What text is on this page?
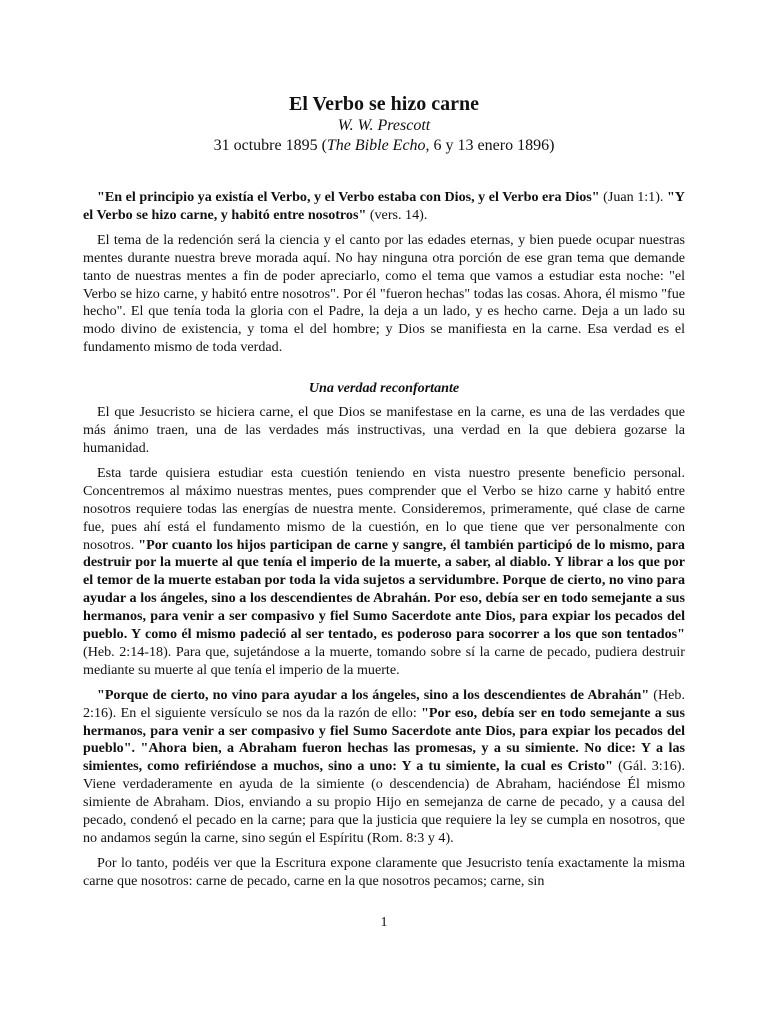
El Verbo se hizo carne

W. W. Prescott

31 octubre 1895 (The Bible Echo, 6 y 13 enero 1896)

"En el principio ya existía el Verbo, y el Verbo estaba con Dios, y el Verbo era Dios" (Juan 1:1). "Y el Verbo se hizo carne, y habitó entre nosotros" (vers. 14).

El tema de la redención será la ciencia y el canto por las edades eternas, y bien puede ocupar nuestras mentes durante nuestra breve morada aquí. No hay ninguna otra porción de ese gran tema que demande tanto de nuestras mentes a fin de poder apreciarlo, como el tema que vamos a estudiar esta noche: "el Verbo se hizo carne, y habitó entre nosotros". Por él "fueron hechas" todas las cosas. Ahora, él mismo "fue hecho". El que tenía toda la gloria con el Padre, la deja a un lado, y es hecho carne. Deja a un lado su modo divino de existencia, y toma el del hombre; y Dios se manifiesta en la carne. Esa verdad es el fundamento mismo de toda verdad.

Una verdad reconfortante

El que Jesucristo se hiciera carne, el que Dios se manifestase en la carne, es una de las verdades que más ánimo traen, una de las verdades más instructivas, una verdad en la que debiera gozarse la humanidad.

Esta tarde quisiera estudiar esta cuestión teniendo en vista nuestro presente beneficio personal. Concentremos al máximo nuestras mentes, pues comprender que el Verbo se hizo carne y habitó entre nosotros requiere todas las energías de nuestra mente. Consideremos, primeramente, qué clase de carne fue, pues ahí está el fundamento mismo de la cuestión, en lo que tiene que ver personalmente con nosotros. "Por cuanto los hijos participan de carne y sangre, él también participó de lo mismo, para destruir por la muerte al que tenía el imperio de la muerte, a saber, al diablo. Y librar a los que por el temor de la muerte estaban por toda la vida sujetos a servidumbre. Porque de cierto, no vino para ayudar a los ángeles, sino a los descendientes de Abrahán. Por eso, debía ser en todo semejante a sus hermanos, para venir a ser compasivo y fiel Sumo Sacerdote ante Dios, para expiar los pecados del pueblo. Y como él mismo padeció al ser tentado, es poderoso para socorrer a los que son tentados" (Heb. 2:14-18). Para que, sujetándose a la muerte, tomando sobre sí la carne de pecado, pudiera destruir mediante su muerte al que tenía el imperio de la muerte.

"Porque de cierto, no vino para ayudar a los ángeles, sino a los descendientes de Abrahán" (Heb. 2:16). En el siguiente versículo se nos da la razón de ello: "Por eso, debía ser en todo semejante a sus hermanos, para venir a ser compasivo y fiel Sumo Sacerdote ante Dios, para expiar los pecados del pueblo". "Ahora bien, a Abraham fueron hechas las promesas, y a su simiente. No dice: Y a las simientes, como refiriéndose a muchos, sino a uno: Y a tu simiente, la cual es Cristo" (Gál. 3:16). Viene verdaderamente en ayuda de la simiente (o descendencia) de Abraham, haciéndose Él mismo simiente de Abraham. Dios, enviando a su propio Hijo en semejanza de carne de pecado, y a causa del pecado, condenó el pecado en la carne; para que la justicia que requiere la ley se cumpla en nosotros, que no andamos según la carne, sino según el Espíritu (Rom. 8:3 y 4).

Por lo tanto, podéis ver que la Escritura expone claramente que Jesucristo tenía exactamente la misma carne que nosotros: carne de pecado, carne en la que nosotros pecamos; carne, sin

1
